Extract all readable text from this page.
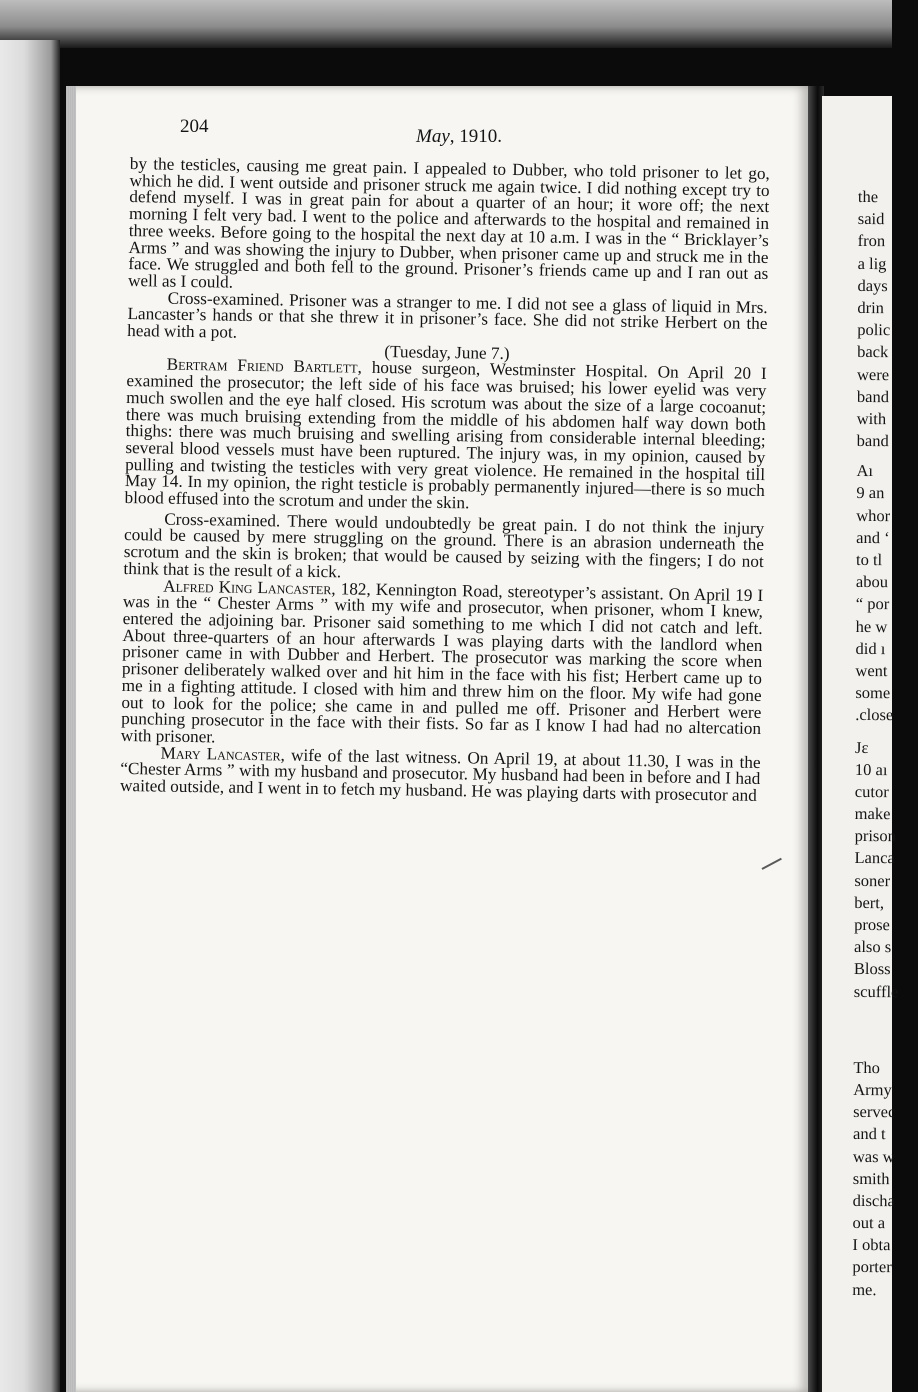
204	May, 1910.

by the testicles, causing me great pain. I appealed to Dubber, who told prisoner to let go, which he did. I went outside and prisoner struck me again twice. I did nothing except try to defend myself. I was in great pain for about a quarter of an hour; it wore off; the next morning I felt very bad. I went to the police and afterwards to the hospital and remained in three weeks. Before going to the hospital the next day at 10 a.m. I was in the “ Bricklayer’s Arms ” and was showing the injury to Dubber, when prisoner came up and struck me in the face. We struggled and both fell to the ground. Prisoner’s friends came up and I ran out as well as I could.

Cross-examined. Prisoner was a stranger to me. I did not see a glass of liquid in Mrs. Lancaster’s hands or that she threw it in prisoner’s face. She did not strike Herbert on the head with a pot.

(Tuesday, June 7.)

Bertram Friend Bartlett, house surgeon, Westminster Hospital. On April 20 I examined the prosecutor; the left side of his face was bruised; his lower eyelid was very much swollen and the eye half closed. His scrotum was about the size of a large cocoanut; there was much bruising extending from the middle of his abdomen half way down both thighs: there was much bruising and swelling arising from considerable internal bleeding; several blood vessels must have been ruptured. The injury was, in my opinion, caused by pulling and twisting the testicles with very great violence. He remained in the hospital till May 14. In my opinion, the right testicle is probably permanently injured—there is so much blood effused into the scrotum and under the skin.

Cross-examined. There would undoubtedly be great pain. I do not think the injury could be caused by mere struggling on the ground. There is an abrasion underneath the scrotum and the skin is broken; that would be caused by seizing with the fingers; I do not think that is the result of a kick.

Alfred King Lancaster, 182, Kennington Road, stereotyper’s assistant. On April 19 I was in the “ Chester Arms ” with my wife and prosecutor, when prisoner, whom I knew, entered the adjoining bar. Prisoner said something to me which I did not catch and left. About three-quarters of an hour afterwards I was playing darts with the landlord when prisoner came in with Dubber and Herbert. The prosecutor was marking the score when prisoner deliberately walked over and hit him in the face with his fist; Herbert came up to me in a fighting attitude. I closed with him and threw him on the floor. My wife had gone out to look for the police; she came in and pulled me off. Prisoner and Herbert were punching prosecutor in the face with their fists. So far as I know I had had no altercation with prisoner.

Mary Lancaster, wife of the last witness. On April 19, at about 11.30, I was in the “Chester Arms ” with my husband and prosecutor. My husband had been in before and I had waited outside, and I went in to fetch my husband. He was playing darts with prosecutor and

the
said
fron
a lig
days
drin
polic
back
were
band
with
band
Aı
9 an
whor
and ‘
to tl
abou
“ por
he w
did ı
went
some
.close
Jε
10 aı
cutor
make
prison
Lanca
soner
bert,
prose
also s
Bloss
scuffle
Tho
Army
servec
and t
was w
smith
discha
out a
I obta
porter
me.
